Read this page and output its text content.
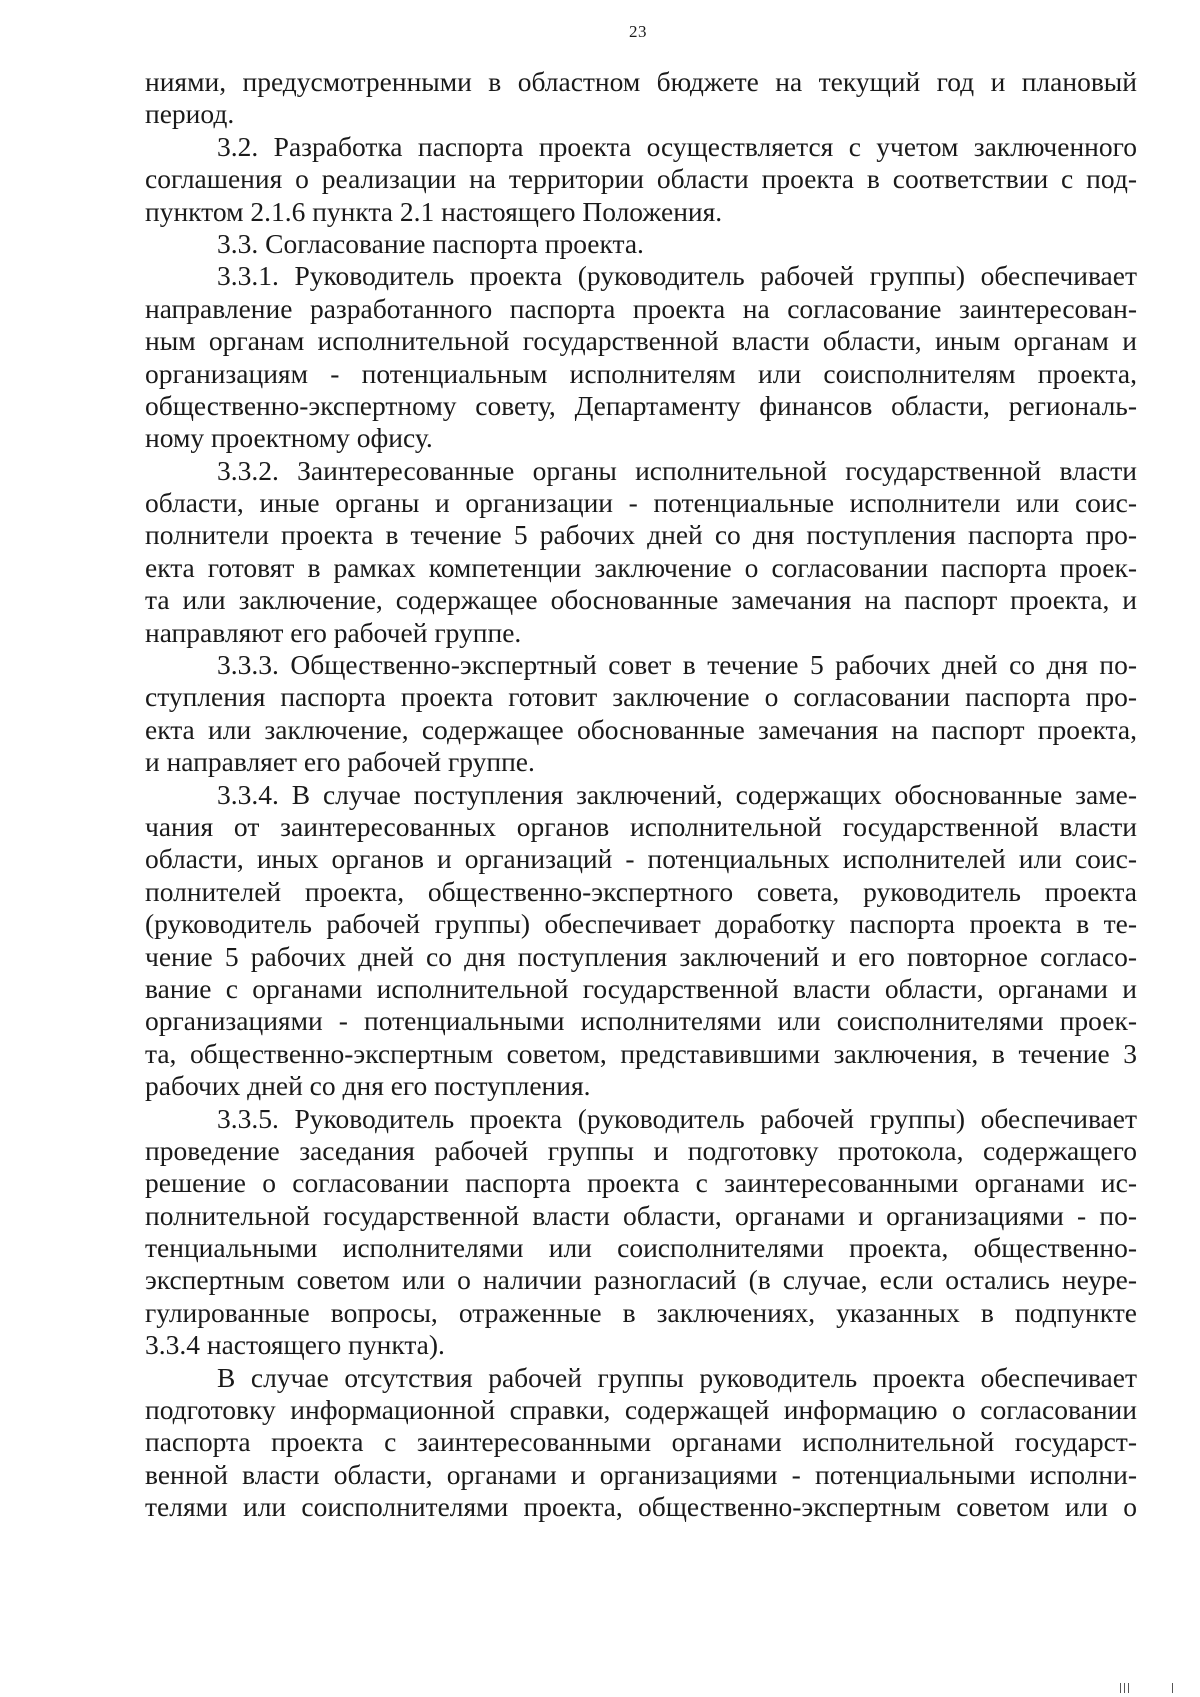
23
ниями, предусмотренными в областном бюджете на текущий год и плановый
период.
3.2. Разработка паспорта проекта осуществляется с учетом заключенного
соглашения о реализации на территории области проекта в соответствии с под-
пунктом 2.1.6 пункта 2.1 настоящего Положения.
3.3. Согласование паспорта проекта.
3.3.1. Руководитель проекта (руководитель рабочей группы) обеспечивает
направление разработанного паспорта проекта на согласование заинтересован-
ным органам исполнительной государственной власти области, иным органам и
организациям - потенциальным исполнителям или соисполнителям проекта,
общественно-экспертному совету, Департаменту финансов области, региональ-
ному проектному офису.
3.3.2. Заинтересованные органы исполнительной государственной власти
области, иные органы и организации - потенциальные исполнители или соис-
полнители проекта в течение 5 рабочих дней со дня поступления паспорта про-
екта готовят в рамках компетенции заключение о согласовании паспорта проек-
та или заключение, содержащее обоснованные замечания на паспорт проекта, и
направляют его рабочей группе.
3.3.3. Общественно-экспертный совет в течение 5 рабочих дней со дня по-
ступления паспорта проекта готовит заключение о согласовании паспорта про-
екта или заключение, содержащее обоснованные замечания на паспорт проекта,
и направляет его рабочей группе.
3.3.4. В случае поступления заключений, содержащих обоснованные заме-
чания от заинтересованных органов исполнительной государственной власти
области, иных органов и организаций - потенциальных исполнителей или соис-
полнителей проекта, общественно-экспертного совета, руководитель проекта
(руководитель рабочей группы) обеспечивает доработку паспорта проекта в те-
чение 5 рабочих дней со дня поступления заключений и его повторное согласо-
вание с органами исполнительной государственной власти области, органами и
организациями - потенциальными исполнителями или соисполнителями проек-
та, общественно-экспертным советом, представившими заключения, в течение 3
рабочих дней со дня его поступления.
3.3.5. Руководитель проекта (руководитель рабочей группы) обеспечивает
проведение заседания рабочей группы и подготовку протокола, содержащего
решение о согласовании паспорта проекта с заинтересованными органами ис-
полнительной государственной власти области, органами и организациями - по-
тенциальными исполнителями или соисполнителями проекта, общественно-
экспертным советом или о наличии разногласий (в случае, если остались неуре-
гулированные вопросы, отраженные в заключениях, указанных в подпункте
3.3.4 настоящего пункта).
В случае отсутствия рабочей группы руководитель проекта обеспечивает
подготовку информационной справки, содержащей информацию о согласовании
паспорта проекта с заинтересованными органами исполнительной государст-
венной власти области, органами и организациями - потенциальными исполни-
телями или соисполнителями проекта, общественно-экспертным советом или о
